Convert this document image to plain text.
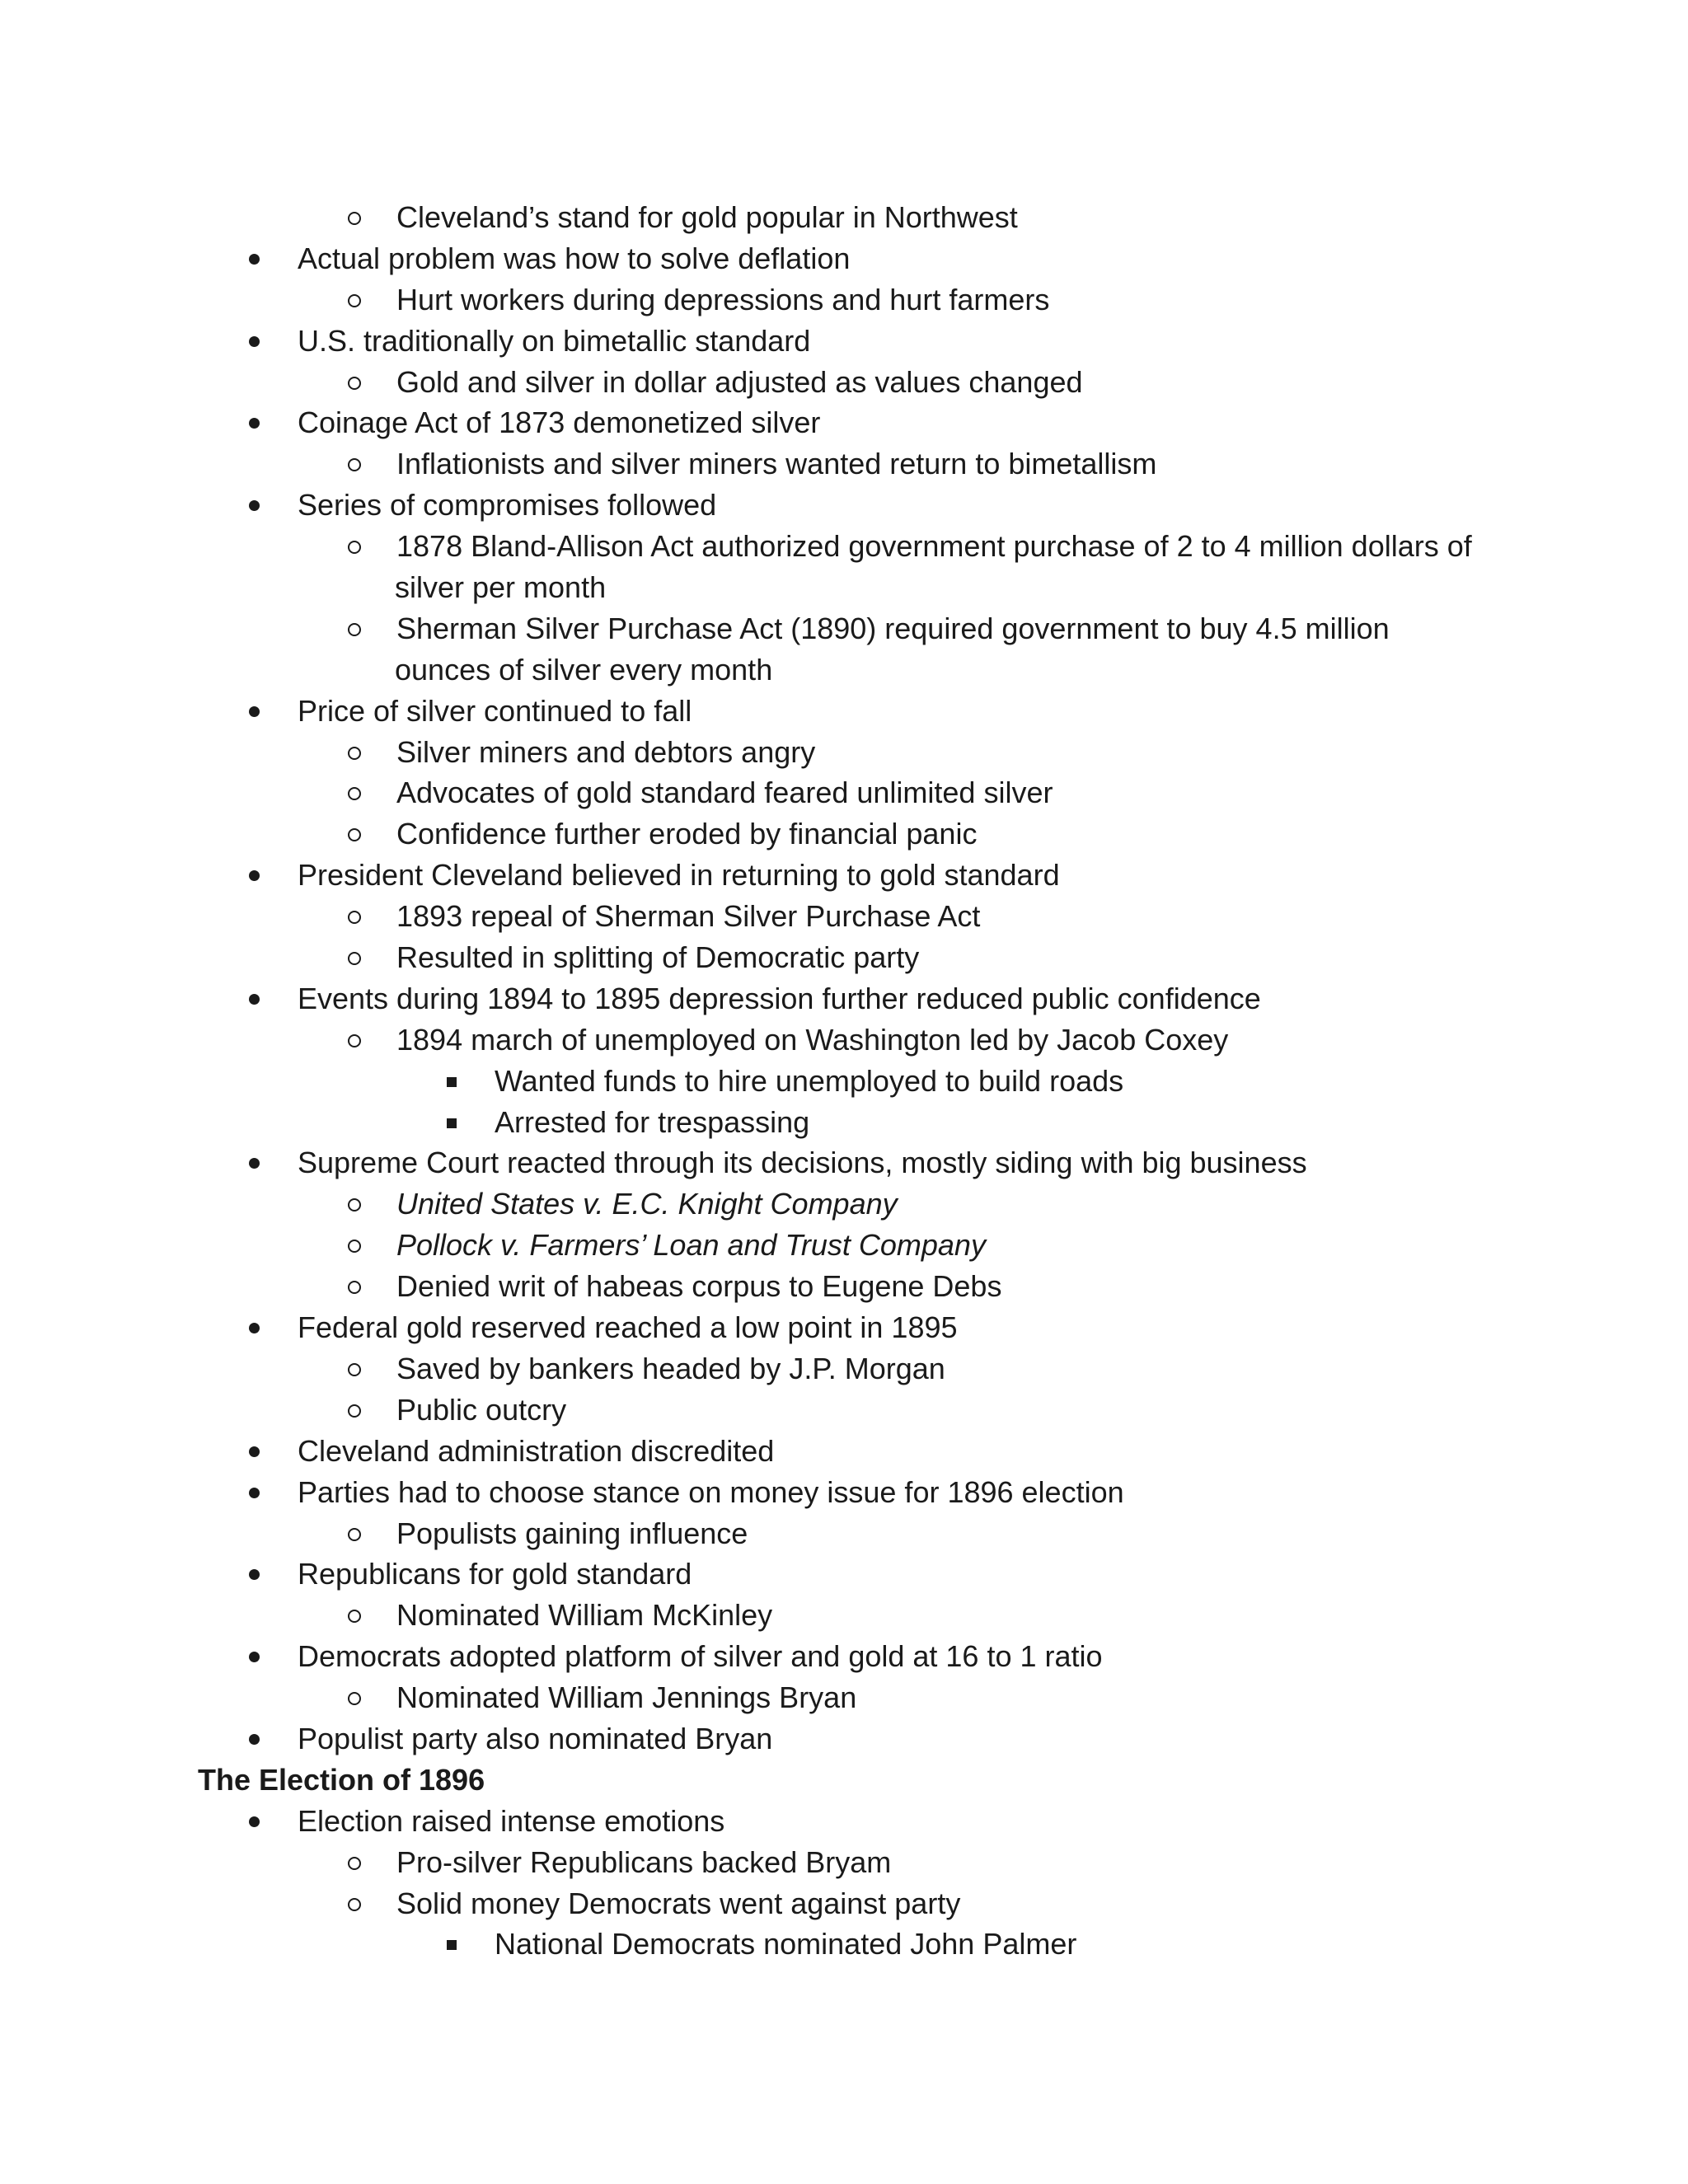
Cleveland’s stand for gold popular in Northwest
Actual problem was how to solve deflation
Hurt workers during depressions and hurt farmers
U.S. traditionally on bimetallic standard
Gold and silver in dollar adjusted as values changed
Coinage Act of 1873 demonetized silver
Inflationists and silver miners wanted return to bimetallism
Series of compromises followed
1878 Bland-Allison Act authorized government purchase of 2 to 4 million dollars of
silver per month
Sherman Silver Purchase Act (1890) required government to buy 4.5 million
ounces of silver every month
Price of silver continued to fall
Silver miners and debtors angry
Advocates of gold standard feared unlimited silver
Confidence further eroded by financial panic
President Cleveland believed in returning to gold standard
1893 repeal of Sherman Silver Purchase Act
Resulted in splitting of Democratic party
Events during 1894 to 1895 depression further reduced public confidence
1894 march of unemployed on Washington led by Jacob Coxey
Wanted funds to hire unemployed to build roads
Arrested for trespassing
Supreme Court reacted through its decisions, mostly siding with big business
United States v. E.C. Knight Company
Pollock v. Farmers’ Loan and Trust Company
Denied writ of habeas corpus to Eugene Debs
Federal gold reserved reached a low point in 1895
Saved by bankers headed by J.P. Morgan
Public outcry
Cleveland administration discredited
Parties had to choose stance on money issue for 1896 election
Populists gaining influence
Republicans for gold standard
Nominated William McKinley
Democrats adopted platform of silver and gold at 16 to 1 ratio
Nominated William Jennings Bryan
Populist party also nominated Bryan
The Election of 1896
Election raised intense emotions
Pro-silver Republicans backed Bryam
Solid money Democrats went against party
National Democrats nominated John Palmer
